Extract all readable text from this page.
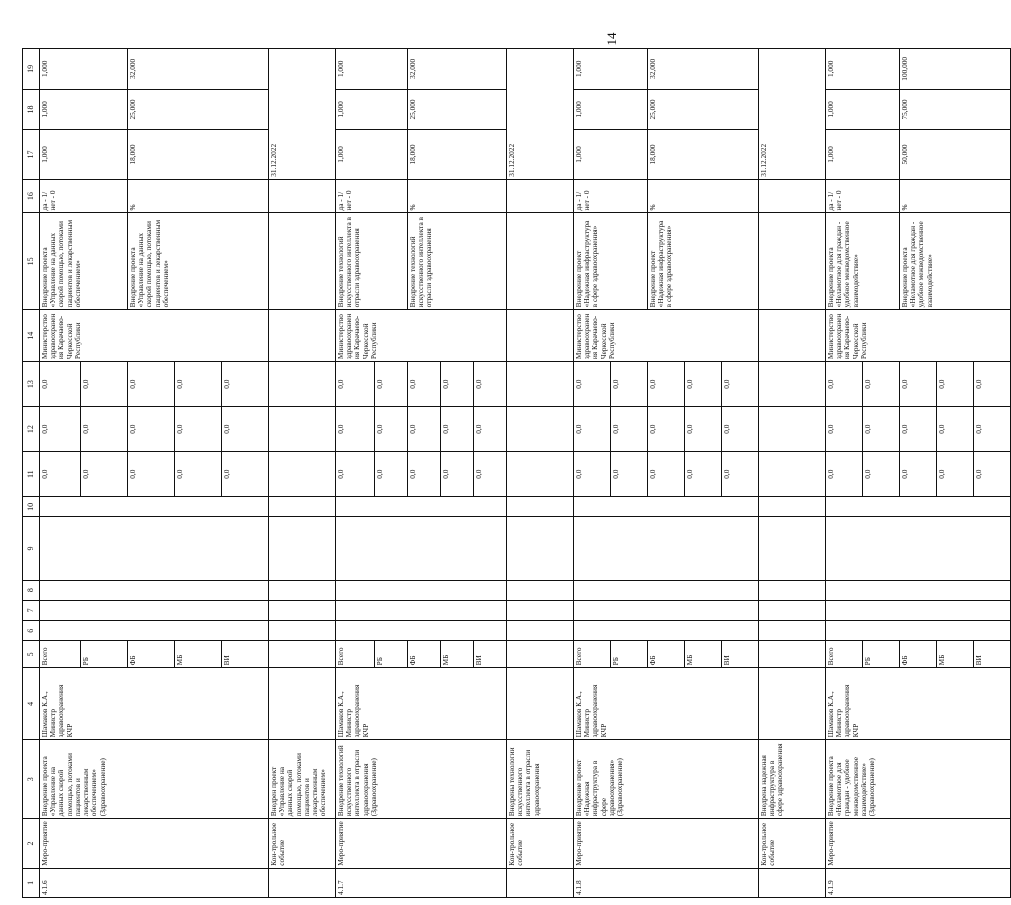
14
1	2	3	4	5	6	7	8	9	10	11	12	13	14	15	16	17	18	19
4.1.6	Меро-приятие	Внедрение проекта «Управление на данных скорой помощью, потоками пациентов и лекарственным обеспечением» (Здравоохранение)	Шамаков К.А., Министр здравоохранения КЧР	Всего						0,0	0,0	0,0	Министерство здравоохранения Карачаево-Черкесской Республики	Внедрение проекта «Управление на данных скорой помощью, потоками пациентов и лекарственным обеспечением»	да - 1/ нет - 0	1,000	1,000	1,000
				РБ						0,0	0,0	0,0						
				ФБ						0,0	0,0	0,0		Внедрение проекта «Управление на данных скорой помощью, потоками пациентов и лекарственным обеспечением»	%	18,000	25,000	32,000
				МБ						0,0	0,0	0,0						
				ВИ						0,0	0,0	0,0						
	Кон-трольное событие	Внедрен проект «Управление на данных скорой помощью, потоками пациентов и лекарственным обеспечением»														31.12.2022		
4.1.7	Меро-приятие	Внедрение технологий искусственного интеллекта в отрасли здравоохранения (Здравоохранение)	Шамаков К.А., Министр здравоохранения КЧР	Всего						0,0	0,0	0,0	Министерство здравоохранения Карачаево-Черкесской Республики	Внедрение технологий искусственного интеллекта в отрасли здравоохранения	да - 1/ нет - 0	1,000	1,000	1,000
				РБ						0,0	0,0	0,0						
				ФБ						0,0	0,0	0,0		Внедрение технологий искусственного интеллекта в отрасли здравоохранения	%	18,000	25,000	32,000
				МБ						0,0	0,0	0,0						
				ВИ						0,0	0,0	0,0						
	Кон-трольное событие	Внедрены технологии искусственного интеллекта в отрасли здравоохранения														31.12.2022		
4.1.8	Меро-приятие	Внедрение проект «Надежная инфраструктура в сфере здравоохранения» (Здравоохранение)	Шамаков К.А., Министр здравоохранения КЧР	Всего						0,0	0,0	0,0	Министерство здравоохранения Карачаево-Черкесской Республики	Внедрение проект «Надежная инфраструктура в сфере здравоохранения»	да - 1/ нет - 0	1,000	1,000	1,000
				РБ						0,0	0,0	0,0						
				ФБ						0,0	0,0	0,0		Внедрение проект «Надежная инфраструктура в сфере здравоохранения»	%	18,000	25,000	32,000
				МБ						0,0	0,0	0,0						
				ВИ						0,0	0,0	0,0						
	Кон-трольное событие	Внедрена надежная инфраструктура в сфере здравоохранения														31.12.2022		
4.1.9	Меро-приятие	Внедрение проекта «Неламотное для граждан - удобное межведомственное взаимодействие» (Здравоохранение)	Шамаков К.А., Министр здравоохранения КЧР	Всего						0,0	0,0	0,0	Министерство здравоохранения Карачаево-Черкесской Республики	Внедрение проекта «Неламотное для граждан - удобное межведомственное взаимодействие»	да - 1/ нет - 0	1,000	1,000	1,000
				РБ						0,0	0,0	0,0						
				ФБ						0,0	0,0	0,0		Внедрение проекта «Неламотное для граждан - удобное межведомственное взаимодействие»	%	50,000	75,000	100,000
				МБ						0,0	0,0	0,0						
				ВИ						0,0	0,0	0,0						
